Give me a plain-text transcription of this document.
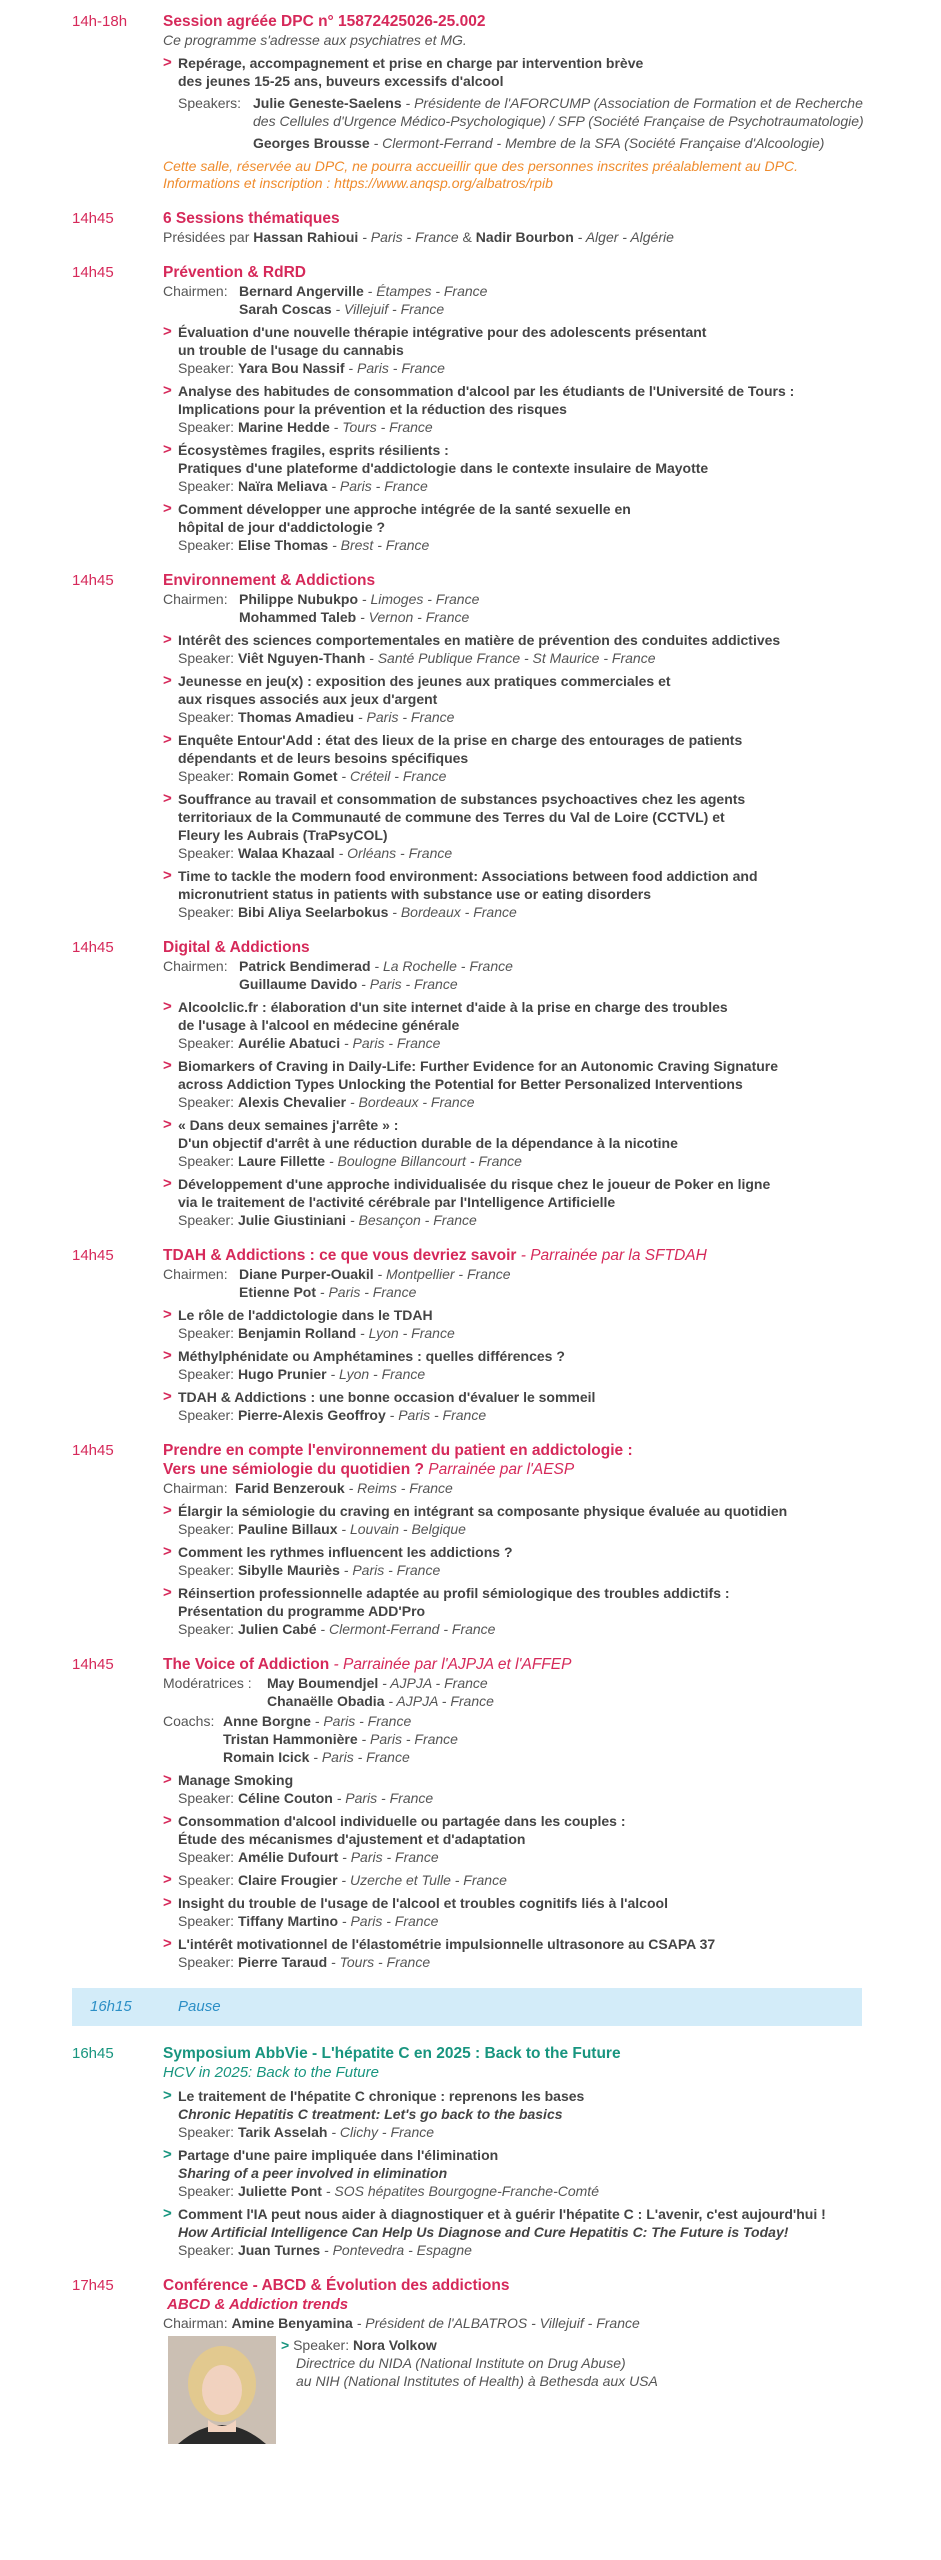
14h-18h Session agréée DPC n° 15872425026-25.002
Ce programme s'adresse aux psychiatres et MG.
> Repérage, accompagnement et prise en charge par intervention brève
des jeunes 15-25 ans, buveurs excessifs d'alcool
Speakers: Julie Geneste-Saelens - Présidente de l'AFORCUMP (Association de Formation et de Recherche
des Cellules d'Urgence Médico-Psychologique) / SFP (Société Française de Psychotraumatologie)
Georges Brousse - Clermont-Ferrand - Membre de la SFA (Société Française d'Alcoologie)
Cette salle, réservée au DPC, ne pourra accueillir que des personnes inscrites préalablement au DPC.
Informations et inscription : https://www.anqsp.org/albatros/rpib
14h45	6 Sessions thématiques
Présidées par Hassan Rahioui - Paris - France & Nadir Bourbon - Alger - Algérie
14h45	Prévention & RdRD
Chairmen: Bernard Angerville - Étampes - France
Sarah Coscas - Villejuif - France
> Évaluation d'une nouvelle thérapie intégrative pour des adolescents présentant
un trouble de l'usage du cannabis
Speaker: Yara Bou Nassif - Paris - France
> Analyse des habitudes de consommation d'alcool par les étudiants de l'Université de Tours :
Implications pour la prévention et la réduction des risques
Speaker: Marine Hedde - Tours - France
> Écosystèmes fragiles, esprits résilients :
Pratiques d'une plateforme d'addictologie dans le contexte insulaire de Mayotte
Speaker: Naïra Meliava - Paris - France
> Comment développer une approche intégrée de la santé sexuelle en
hôpital de jour d'addictologie ?
Speaker: Elise Thomas - Brest - France
14h45	Environnement & Addictions
Chairmen: Philippe Nubukpo - Limoges - France
Mohammed Taleb - Vernon - France
> Intérêt des sciences comportementales en matière de prévention des conduites addictives
Speaker: Viêt Nguyen-Thanh - Santé Publique France - St Maurice - France
> Jeunesse en jeu(x) : exposition des jeunes aux pratiques commerciales et
aux risques associés aux jeux d'argent
Speaker: Thomas Amadieu - Paris - France
> Enquête Entour'Add : état des lieux de la prise en charge des entourages de patients
dépendants et de leurs besoins spécifiques
Speaker: Romain Gomet - Créteil - France
> Souffrance au travail et consommation de substances psychoactives chez les agents
territoriaux de la Communauté de commune des Terres du Val de Loire (CCTVL) et
Fleury les Aubrais (TraPsyCOL)
Speaker: Walaa Khazaal - Orléans - France
> Time to tackle the modern food environment: Associations between food addiction and
micronutrient status in patients with substance use or eating disorders
Speaker: Bibi Aliya Seelarbokus - Bordeaux - France
14h45	Digital & Addictions
Chairmen: Patrick Bendimerad - La Rochelle - France
Guillaume Davido - Paris - France
> Alcoolclic.fr : élaboration d'un site internet d'aide à la prise en charge des troubles
de l'usage à l'alcool en médecine générale
Speaker: Aurélie Abatuci - Paris - France
> Biomarkers of Craving in Daily-Life: Further Evidence for an Autonomic Craving Signature
across Addiction Types Unlocking the Potential for Better Personalized Interventions
Speaker: Alexis Chevalier - Bordeaux - France
> « Dans deux semaines j'arrête » :
D'un objectif d'arrêt à une réduction durable de la dépendance à la nicotine
Speaker: Laure Fillette - Boulogne Billancourt - France
> Développement d'une approche individualisée du risque chez le joueur de Poker en ligne
via le traitement de l'activité cérébrale par l'Intelligence Artificielle
Speaker: Julie Giustiniani - Besançon - France
14h45	TDAH & Addictions : ce que vous devriez savoir - Parrainée par la SFTDAH
Chairmen: Diane Purper-Ouakil - Montpellier - France
Etienne Pot - Paris - France
> Le rôle de l'addictologie dans le TDAH
Speaker: Benjamin Rolland - Lyon - France
> Méthylphénidate ou Amphétamines : quelles différences ?
Speaker: Hugo Prunier - Lyon - France
> TDAH & Addictions : une bonne occasion d'évaluer le sommeil
Speaker: Pierre-Alexis Geoffroy - Paris - France
14h45	Prendre en compte l'environnement du patient en addictologie :
Vers une sémiologie du quotidien ? Parrainée par l'AESP
Chairman: Farid Benzerouk - Reims - France
> Élargir la sémiologie du craving en intégrant sa composante physique évaluée au quotidien
Speaker: Pauline Billaux - Louvain - Belgique
> Comment les rythmes influencent les addictions ?
Speaker: Sibylle Mauriès - Paris - France
> Réinsertion professionnelle adaptée au profil sémiologique des troubles addictifs :
Présentation du programme ADD'Pro
Speaker: Julien Cabé - Clermont-Ferrand - France
14h45	The Voice of Addiction - Parrainée par l'AJPJA et l'AFFEP
Modératrices :	May Boumendjel - AJPJA - France
Chanaëlle Obadia - AJPJA - France
Coachs: Anne Borgne - Paris - France
Tristan Hammonière - Paris - France
Romain Icick - Paris - France
> Manage Smoking
Speaker: Céline Couton - Paris - France
> Consommation d'alcool individuelle ou partagée dans les couples :
Étude des mécanismes d'ajustement et d'adaptation
Speaker: Amélie Dufourt - Paris - France
> Speaker: Claire Frougier - Uzerche et Tulle - France
> Insight du trouble de l'usage de l'alcool et troubles cognitifs liés à l'alcool
Speaker: Tiffany Martino - Paris - France
> L'intérêt motivationnel de l'élastométrie impulsionnelle ultrasonore au CSAPA 37
Speaker: Pierre Taraud - Tours - France
16h15	Pause
16h45	Symposium AbbVie - L'hépatite C en 2025 : Back to the Future
HCV in 2025: Back to the Future
> Le traitement de l'hépatite C chronique : reprenons les bases
Chronic Hepatitis C treatment: Let's go back to the basics
Speaker: Tarik Asselah - Clichy - France
> Partage d'une paire impliquée dans l'élimination
Sharing of a peer involved in elimination
Speaker: Juliette Pont - SOS hépatites Bourgogne-Franche-Comté
> Comment l'IA peut nous aider à diagnostiquer et à guérir l'hépatite C : L'avenir, c'est aujourd'hui !
How Artificial Intelligence Can Help Us Diagnose and Cure Hepatitis C: The Future is Today!
Speaker: Juan Turnes - Pontevedra - Espagne
17h45	Conférence - ABCD & Évolution des addictions
ABCD & Addiction trends
Chairman: Amine Benyamina - Président de l'ALBATROS - Villejuif - France
> Speaker: Nora Volkow
Directrice du NIDA (National Institute on Drug Abuse)
au NIH (National Institutes of Health) à Bethesda aux USA
